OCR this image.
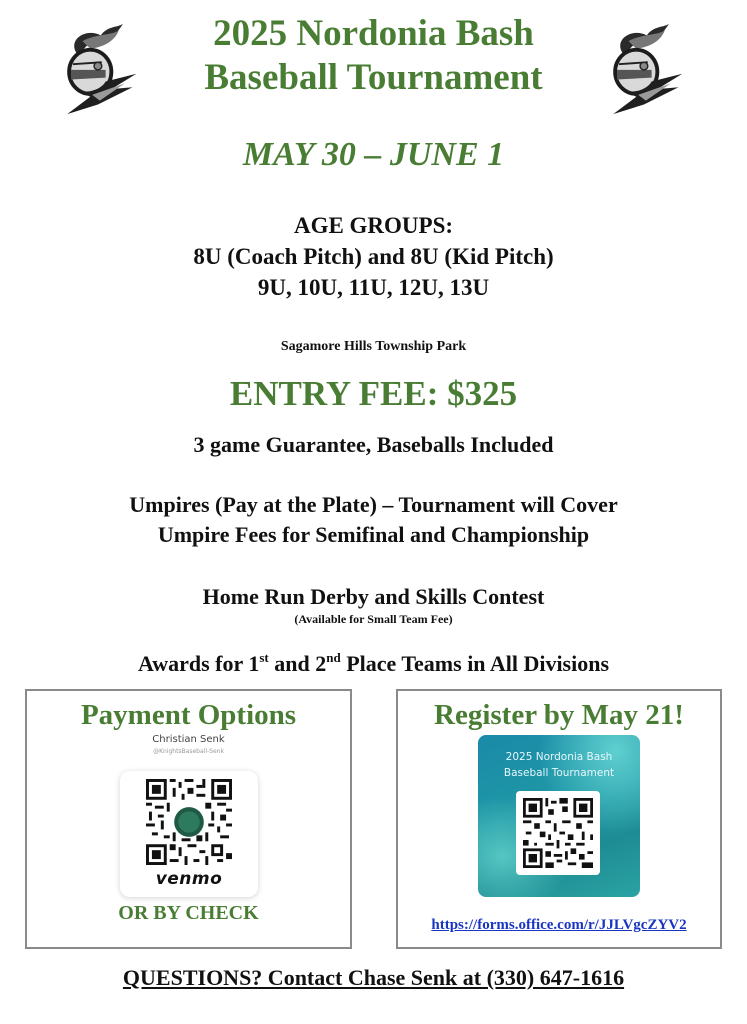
2025 Nordonia Bash
Baseball Tournament
MAY 30 – JUNE 1
AGE GROUPS:
8U (Coach Pitch) and 8U (Kid Pitch)
9U, 10U, 11U, 12U, 13U
Sagamore Hills Township Park
ENTRY FEE: $325
3 game Guarantee, Baseballs Included
Umpires (Pay at the Plate) – Tournament will Cover
Umpire Fees for Semifinal and Championship
Home Run Derby and Skills Contest
(Available for Small Team Fee)
Awards for 1st and 2nd Place Teams in All Divisions
Payment Options
Christian Senk
@KnightsBaseball-Senk
venmo
OR BY CHECK
Register by May 21!
2025 Nordonia Bash Baseball Tournament
https://forms.office.com/r/JJLVgcZYV2
QUESTIONS? Contact Chase Senk at (330) 647-1616
